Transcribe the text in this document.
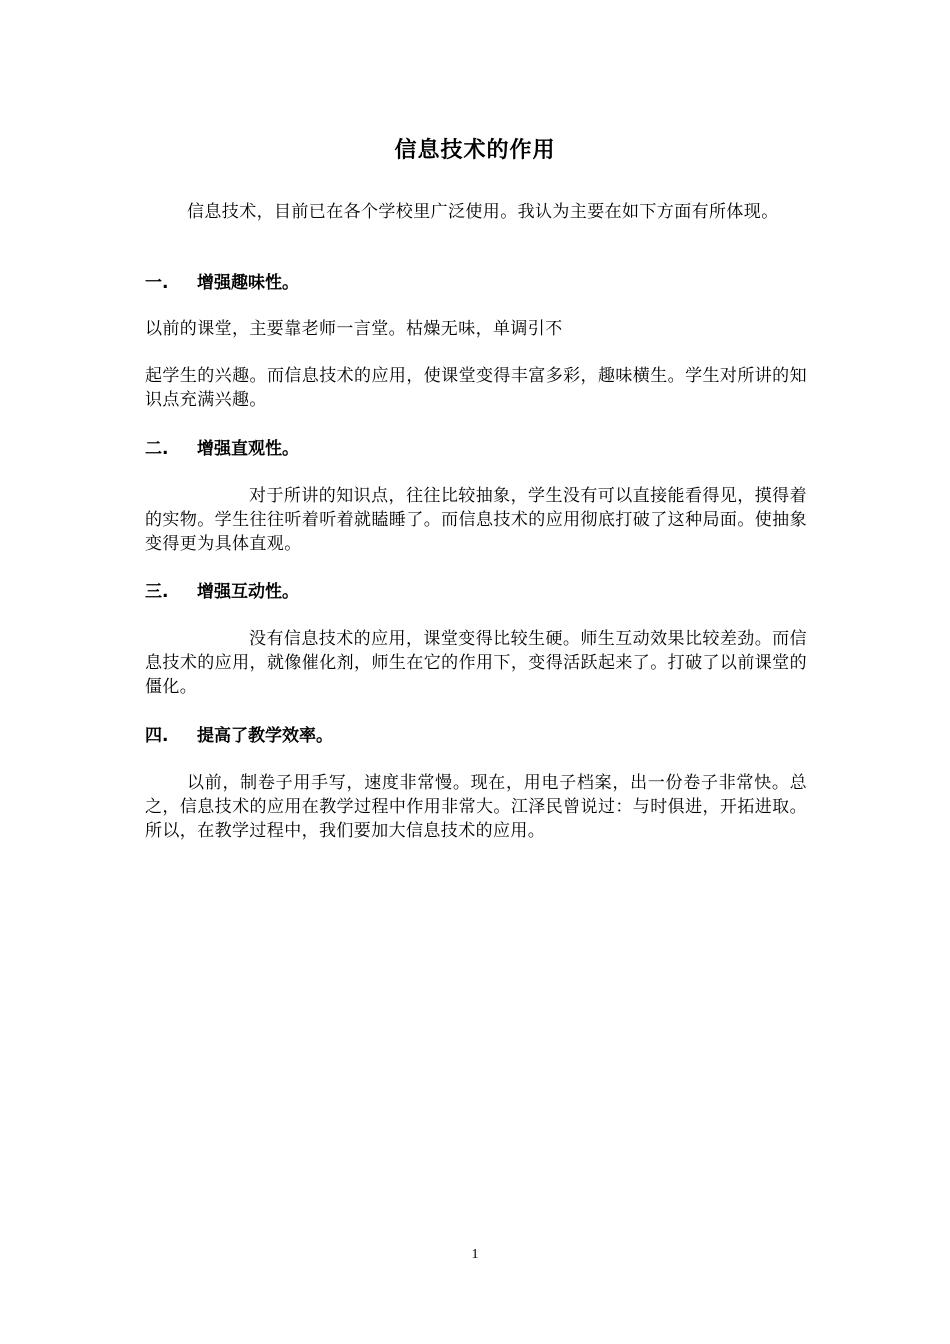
信息技术的作用

信息技术，目前已在各个学校里广泛使用。我认为主要在如下方面有所体现。

一. 增强趣味性。

以前的课堂，主要靠老师一言堂。枯燥无味，单调引不

起学生的兴趣。而信息技术的应用，使课堂变得丰富多彩，趣味横生。学生对所讲的知识点充满兴趣。

二. 增强直观性。

对于所讲的知识点，往往比较抽象，学生没有可以直接能看得见，摸得着的实物。学生往往听着听着就瞌睡了。而信息技术的应用彻底打破了这种局面。使抽象变得更为具体直观。

三. 增强互动性。

没有信息技术的应用，课堂变得比较生硬。师生互动效果比较差劲。而信息技术的应用，就像催化剂，师生在它的作用下，变得活跃起来了。打破了以前课堂的僵化。

四. 提高了教学效率。

以前，制卷子用手写，速度非常慢。现在，用电子档案，出一份卷子非常快。总之，信息技术的应用在教学过程中作用非常大。江泽民曾说过：与时俱进，开拓进取。所以，在教学过程中，我们要加大信息技术的应用。

1
